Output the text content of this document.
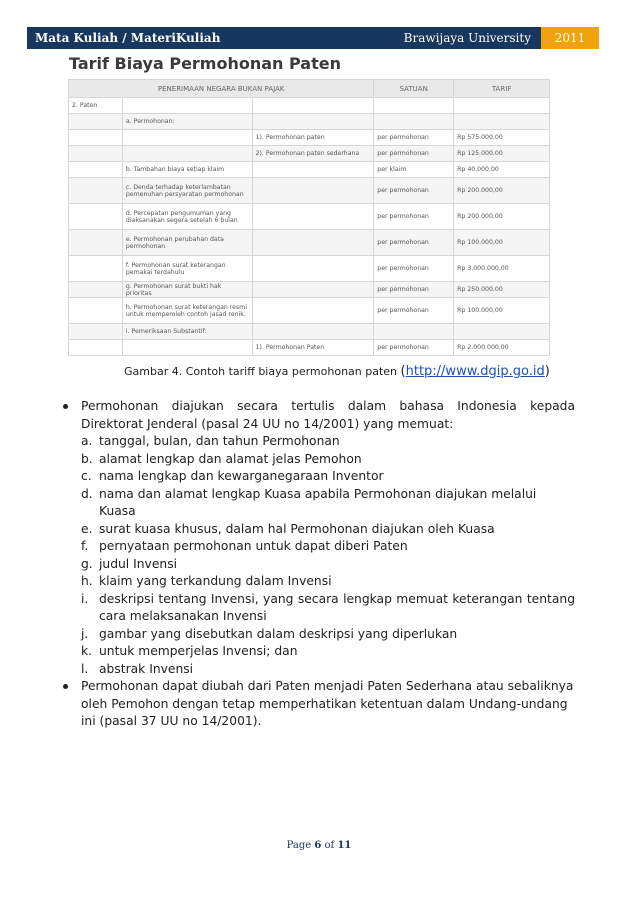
Mata Kuliah / MateriKuliah	Brawijaya University	2011
Tarif Biaya Permohonan Paten
PENERIMAAN NEGARA BUKAN PAJAK			SATUAN	TARIF
2. Paten				
	a. Permohonan:			
		1). Permohonan paten	per permohonan	Rp 575.000,00
		2). Permohonan paten sederhana	per permohonan	Rp 125.000,00
	b. Tambahan biaya setiap klaim		per klaim	Rp 40.000,00
	c. Denda terhadap keterlambatan pemenuhan persyaratan permohonan		per permohonan	Rp 200.000,00
	d. Percepatan pengumuman yang diaksanakan segera setelah 6 bulan		per permohonan	Rp 200.000,00
	e. Permohonan perubahan data permohonan		per permohonan	Rp 100.000,00
	f. Permohonan surat keterangan pemakai terdahulu		per permohonan	Rp 3.000.000,00
	g. Permohonan surat bukti hak prioritas		per permohonan	Rp 250.000,00
	h. Permohonan surat keterangan resmi untuk memperoleh contoh jasad renik.		per permohonan	Rp 100.000,00
	i. Pemeriksaan Substantif:			
		1). Permohonan Paten	per permohonan	Rp 2.000.000,00
Gambar 4. Contoh tariff biaya permohonan paten (http://www.dgip.go.id)
Permohonan diajukan secara tertulis dalam bahasa Indonesia kepada Direktorat Jenderal (pasal 24 UU no 14/2001) yang memuat:
a. tanggal, bulan, dan tahun Permohonan
b. alamat lengkap dan alamat jelas Pemohon
c. nama lengkap dan kewarganegaraan Inventor
d. nama dan alamat lengkap Kuasa apabila Permohonan diajukan melalui Kuasa
e. surat kuasa khusus, dalam hal Permohonan diajukan oleh Kuasa
f. pernyataan permohonan untuk dapat diberi Paten
g. judul Invensi
h. klaim yang terkandung dalam Invensi
i. deskripsi tentang Invensi, yang secara lengkap memuat keterangan tentang cara melaksanakan Invensi
j. gambar yang disebutkan dalam deskripsi yang diperlukan
k. untuk memperjelas Invensi; dan
l. abstrak Invensi
Permohonan dapat diubah dari Paten menjadi Paten Sederhana atau sebaliknya oleh Pemohon dengan tetap memperhatikan ketentuan dalam Undang-undang ini (pasal 37 UU no 14/2001).
Page 6 of 11
